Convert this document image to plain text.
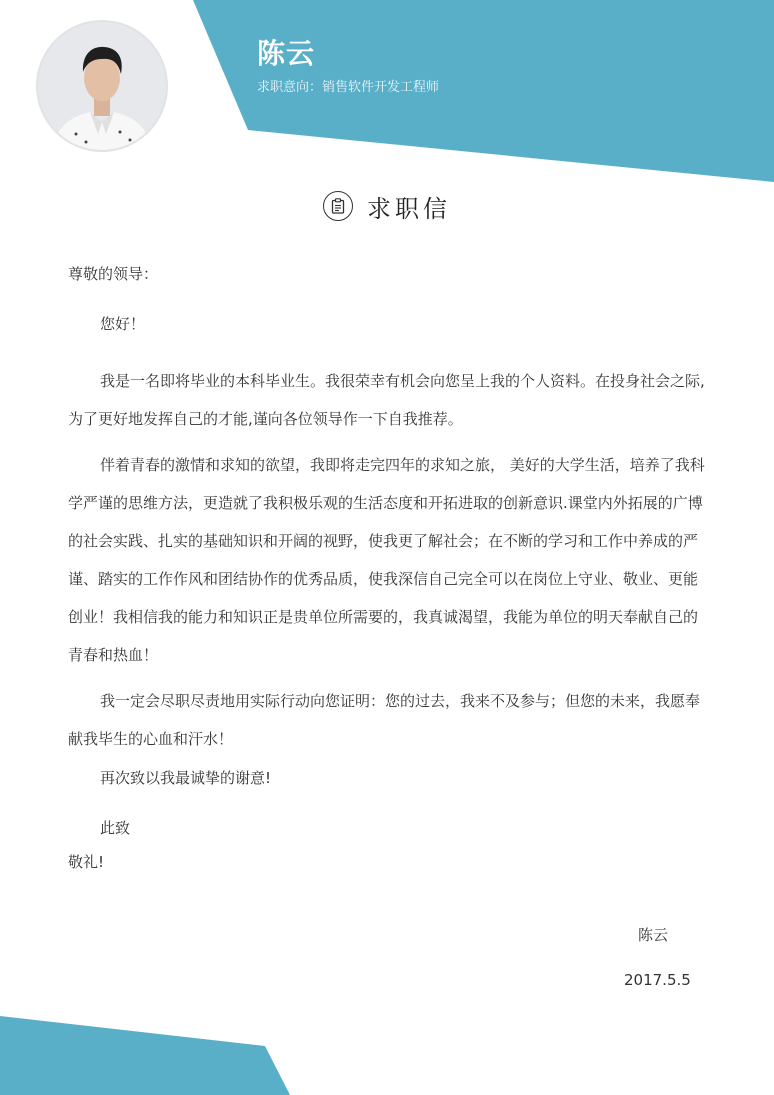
陈云
求职意向：销售软件开发工程师
求职信
尊敬的领导：
您好！
我是一名即将毕业的本科毕业生。我很荣幸有机会向您呈上我的个人资料。在投身社会之际,为了更好地发挥自己的才能,谨向各位领导作一下自我推荐。
伴着青春的激情和求知的欲望，我即将走完四年的求知之旅， 美好的大学生活，培养了我科学严谨的思维方法，更造就了我积极乐观的生活态度和开拓进取的创新意识.课堂内外拓展的广博的社会实践、扎实的基础知识和开阔的视野，使我更了解社会；在不断的学习和工作中养成的严谨、踏实的工作作风和团结协作的优秀品质，使我深信自己完全可以在岗位上守业、敬业、更能创业！我相信我的能力和知识正是贵单位所需要的，我真诚渴望，我能为单位的明天奉献自己的青春和热血！
我一定会尽职尽责地用实际行动向您证明：您的过去，我来不及参与；但您的未来，我愿奉献我毕生的心血和汗水！
再次致以我最诚挚的谢意!
此致
敬礼!
陈云
2017.5.5
